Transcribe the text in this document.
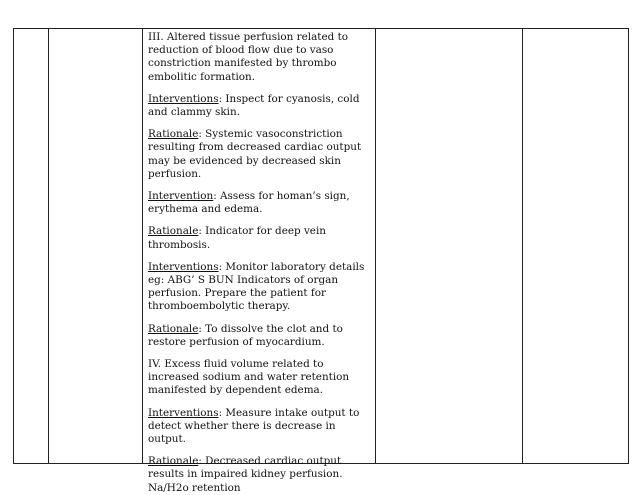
III. Altered tissue perfusion related to reduction of blood flow due to vaso constriction manifested by thrombo embolitic formation.

Interventions: Inspect for cyanosis, cold and clammy skin.

Rationale: Systemic vasoconstriction resulting from decreased cardiac output may be evidenced by decreased skin perfusion.

Intervention: Assess for homan’s sign, erythema and edema.

Rationale: Indicator for deep vein thrombosis.

Interventions: Monitor laboratory details eg: ABG’ S BUN Indicators of organ perfusion. Prepare the patient for thromboembolytic therapy.

Rationale: To dissolve the clot and to restore perfusion of myocardium.

IV. Excess fluid volume related to increased sodium and water retention manifested by dependent edema.

Interventions: Measure intake output to detect whether there is decrease in output.

Rationale: Decreased cardiac output results in impaired kidney perfusion. Na/H2o retention
